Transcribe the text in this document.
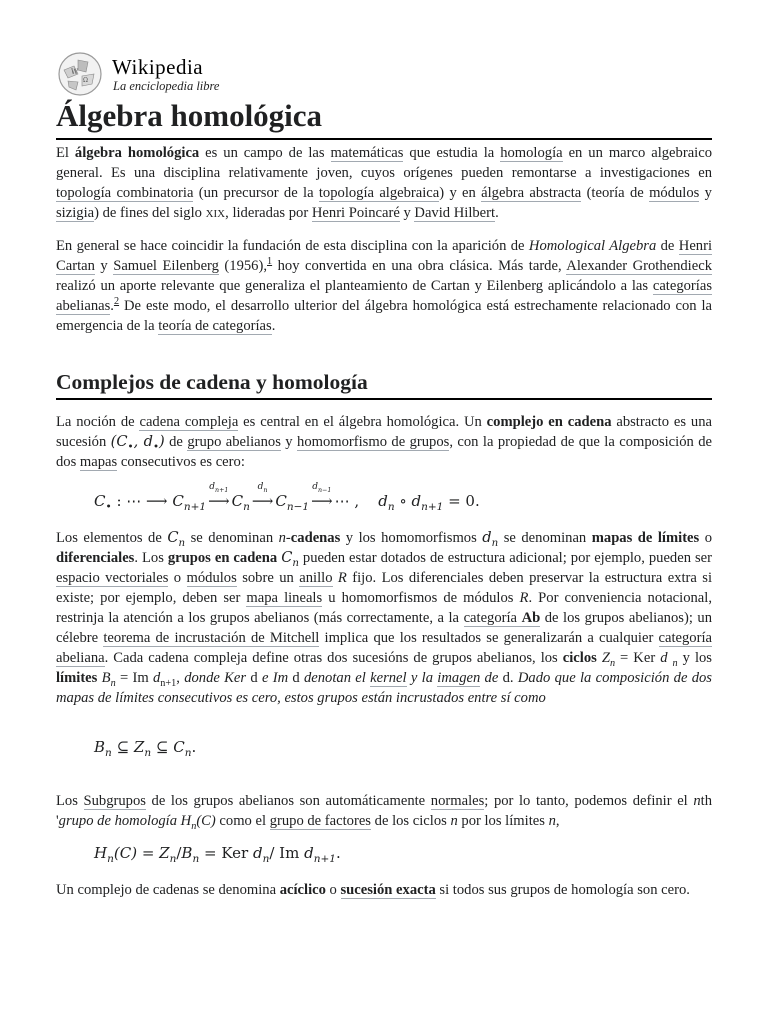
W
Ω
Wikipedia
La enciclopedia libre
Álgebra homológica

El álgebra homológica es un campo de las matemáticas que estudia la homología en un marco algebraico general. Es una disciplina relativamente joven, cuyos orígenes pueden remontarse a investigaciones en topología combinatoria (un precursor de la topología algebraica) y en álgebra abstracta (teoría de módulos y sizigia) de fines del siglo XIX, lideradas por Henri Poincaré y David Hilbert.

En general se hace coincidir la fundación de esta disciplina con la aparición de Homological Algebra de Henri Cartan y Samuel Eilenberg (1956),$^1$ hoy convertida en una obra clásica. Más tarde, Alexander Grothendieck realizó un aporte relevante que generaliza el planteamiento de Cartan y Eilenberg aplicándolo a las categorías abelianas.$^2$ De este modo, el desarrollo ulterior del álgebra homológica está estrechamente relacionado con la emergencia de la teoría de categorías.

Complejos de cadena y homología

La noción de cadena compleja es central en el álgebra homológica. Un complejo en cadena abstracto es una sucesión ($C_•$, $d_•$) de grupo abelianos y homomorfismo de grupos, con la propiedad de que la composición de dos mapas consecutivos es cero:

$C_•$ : ⋯ ⟶ $C_{n+1}$
$d_{n+1}$
⟶ $C_n$
$d_n$
⟶ $C_{n-1}$
$d_{n-1}$
⟶ ⋯ ,    $d_n$ ∘ $d_{n+1} = 0$.

Los elementos de $C_n$ se denominan n-cadenas y los homomorfismos $d_n$ se denominan mapas de límites o diferenciales. Los grupos en cadena $C_n$ pueden estar dotados de estructura adicional; por ejemplo, pueden ser espacio vectoriales o módulos sobre un anillo R fijo. Los diferenciales deben preservar la estructura extra si existe; por ejemplo, deben ser mapa lineals u homomorfismos de módulos R. Por conveniencia notacional, restrinja la atención a los grupos abelianos (más correctamente, a la categoría Ab de los grupos abelianos); un célebre teorema de incrustación de Mitchell implica que los resultados se generalizarán a cualquier categoría abeliana. Cada cadena compleja define otras dos sucesións de grupos abelianos, los ciclos $Z_n$ = Ker d $_n$ y los límites $B_n = Im$ $d_{n+1}$, donde Ker d e Im d denotan el kernel y la imagen de d. Dado que la composición de dos mapas de límites consecutivos es cero, estos grupos están incrustados entre sí como

$B_n$ ⊆ $Z_n$ ⊆ $C_n$.

Los Subgrupos de los grupos abelianos son automáticamente normales; por lo tanto, podemos definir el nth 'grupo de homología $H_n(C)$ como el grupo de factores de los ciclos n por los límites n,

$H_n(C) = Z_n/B_n$ = Ker $d_n/$ Im $d_{n+1}$.

Un complejo de cadenas se denomina acíclico o sucesión exacta si todos sus grupos de homología son cero.
